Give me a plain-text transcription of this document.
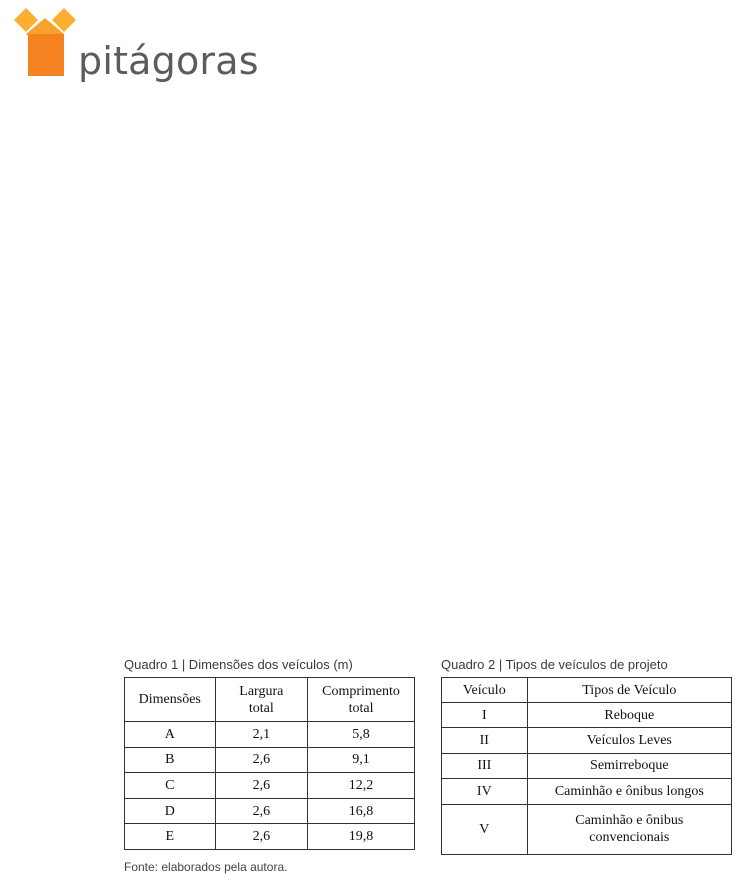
pitágoras
Quadro 1 | Dimensões dos veículos (m)
Dimensões	Largura total	Comprimento total
A	2,1	5,8
B	2,6	9,1
C	2,6	12,2
D	2,6	16,8
E	2,6	19,8
Quadro 2 | Tipos de veículos de projeto
Veículo	Tipos de Veículo
I	Reboque
II	Veículos Leves
III	Semirreboque
IV	Caminhão e ônibus longos
V	Caminhão e ônibus convencionais
Fonte: elaborados pela autora.
